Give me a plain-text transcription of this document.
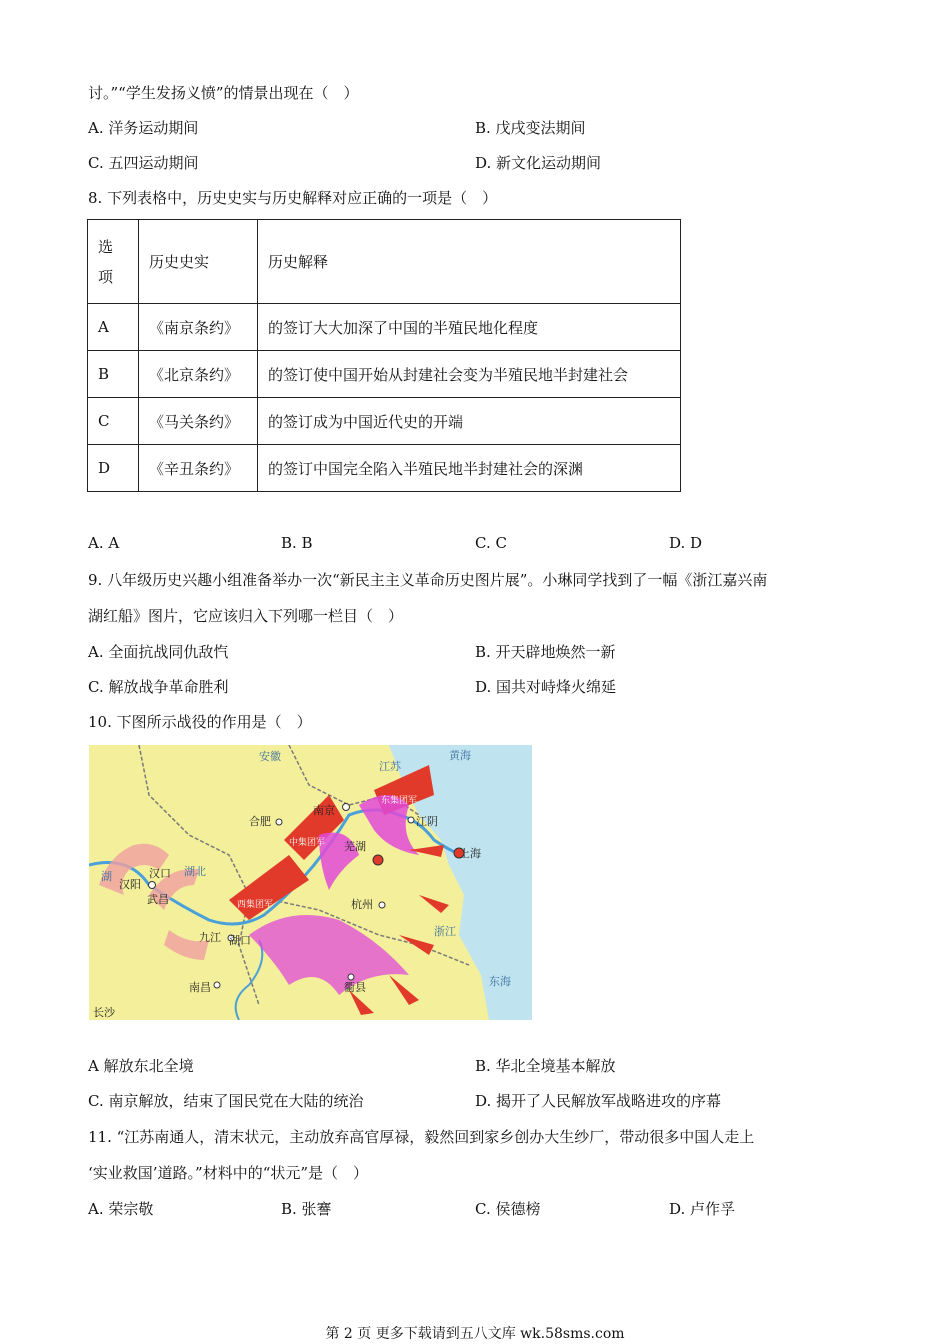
讨。”“学生发扬义愤”的情景出现在（　）
A. 洋务运动期间	B. 戊戌变法期间
C. 五四运动期间	D. 新文化运动期间
8. 下列表格中，历史史实与历史解释对应正确的一项是（　）
选项	历史史实	历史解释
A	《南京条约》	的签订大大加深了中国的半殖民地化程度
B	《北京条约》	的签订使中国开始从封建社会变为半殖民地半封建社会
C	《马关条约》	的签订成为中国近代史的开端
D	《辛丑条约》	的签订中国完全陷入半殖民地半封建社会的深渊
A. A	B. B	C. C	D. D
9. 八年级历史兴趣小组准备举办一次“新民主主义革命历史图片展”。小琳同学找到了一幅《浙江嘉兴南
湖红船》图片，它应该归入下列哪一栏目（　）
A. 全面抗战同仇敌忾	B. 开天辟地焕然一新
C. 解放战争革命胜利	D. 国共对峙烽火绵延
10. 下图所示战役的作用是（　）
南京
合肥	江阴
芜湖
上海
汉口
汉阳
武昌
九江 湖口
杭州
南昌	衢县
长沙
黄海
东海
浙江
江苏
安徽
湖北
湖
东集团军
中集团军
西集团军
A 解放东北全境	B. 华北全境基本解放
C. 南京解放，结束了国民党在大陆的统治	D. 揭开了人民解放军战略进攻的序幕
11. “江苏南通人，清末状元，主动放弃高官厚禄，毅然回到家乡创办大生纱厂，带动很多中国人走上
‘实业救国’道路。”材料中的“状元”是（　）
A. 荣宗敬	B. 张謇	C. 侯德榜	D. 卢作孚
第 2 页 更多下载请到五八文库 wk.58sms.com
